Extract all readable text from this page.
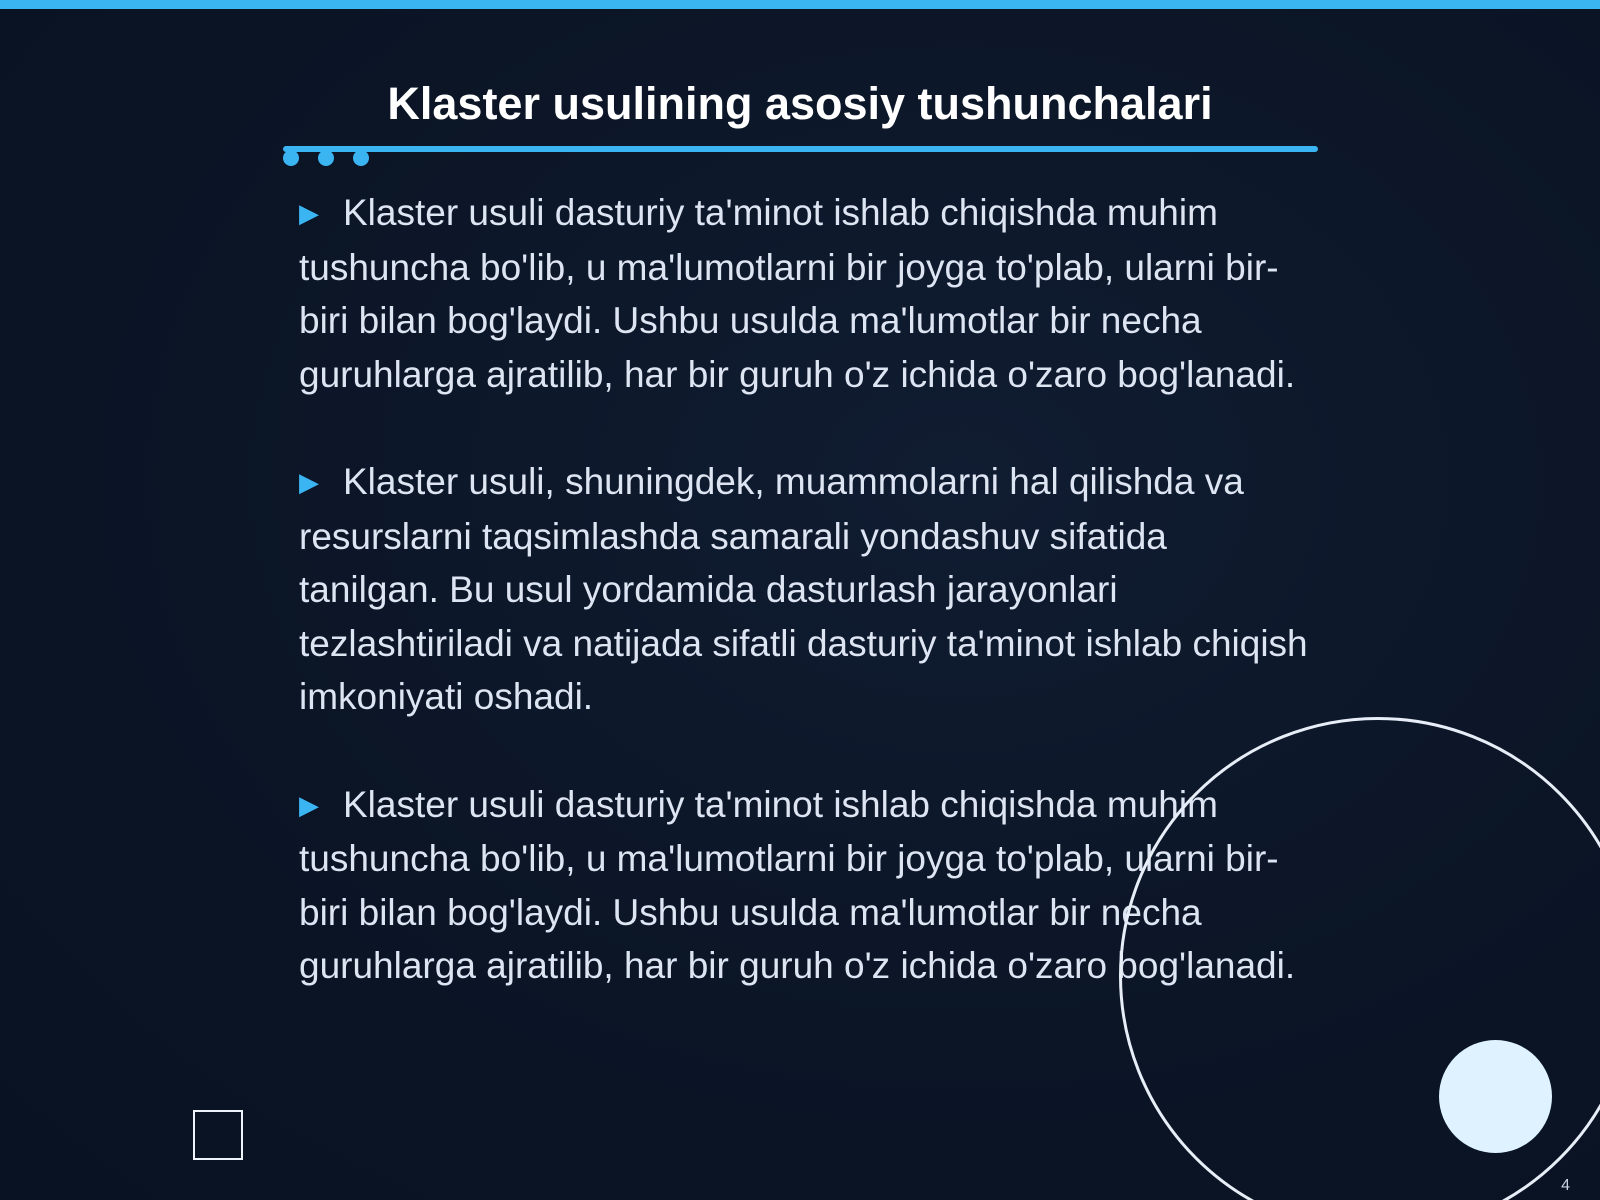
Klaster usulining asosiy tushunchalari

▶ Klaster usuli dasturiy ta'minot ishlab chiqishda muhim tushuncha bo'lib, u ma'lumotlarni bir joyga to'plab, ularni bir-biri bilan bog'laydi. Ushbu usulda ma'lumotlar bir necha guruhlarga ajratilib, har bir guruh o'z ichida o'zaro bog'lanadi.

▶ Klaster usuli, shuningdek, muammolarni hal qilishda va resurslarni taqsimlashda samarali yondashuv sifatida tanilgan. Bu usul yordamida dasturlash jarayonlari tezlashtiriladi va natijada sifatli dasturiy ta'minot ishlab chiqish imkoniyati oshadi.

▶ Klaster usuli dasturiy ta'minot ishlab chiqishda muhim tushuncha bo'lib, u ma'lumotlarni bir joyga to'plab, ularni bir-biri bilan bog'laydi. Ushbu usulda ma'lumotlar bir necha guruhlarga ajratilib, har bir guruh o'z ichida o'zaro bog'lanadi.

4
